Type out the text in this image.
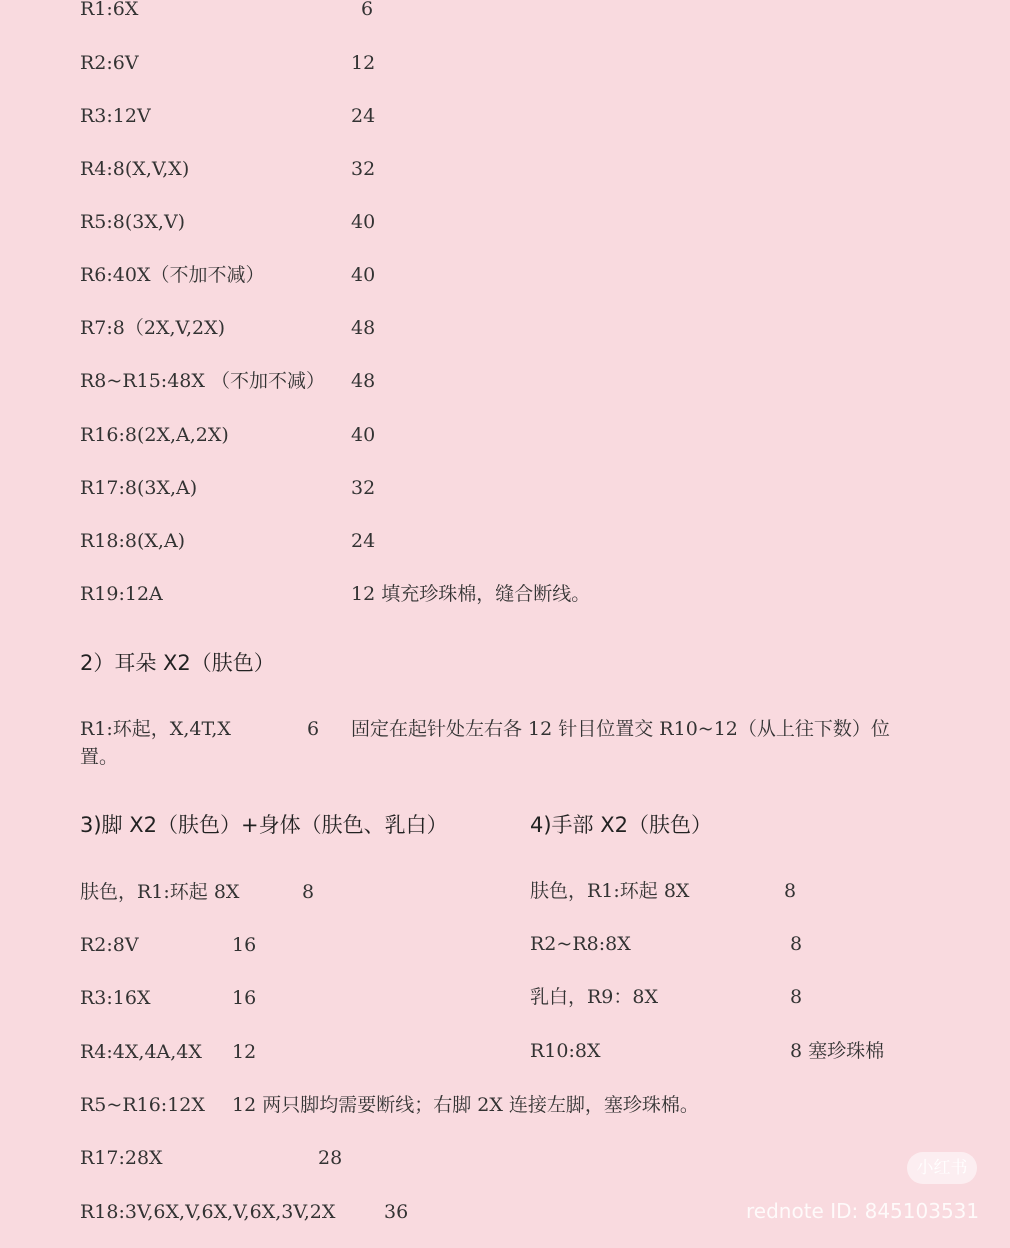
R1:6X	6
R2:6V	12
R3:12V	24
R4:8(X,V,X)	32
R5:8(3X,V)	40
R6:40X（不加不减）	40
R7:8（2X,V,2X)	48
R8~R15:48X （不加不减） 48
R16:8(2X,A,2X)	40
R17:8(3X,A)	32
R18:8(X,A)	24
R19:12A	12 填充珍珠棉，缝合断线。
2）耳朵 X2（肤色）
R1:环起，X,4T,X	6 固定在起针处左右各 12 针目位置交 R10~12（从上往下数）位
置。
3)脚 X2（肤色）+身体（肤色、乳白）
肤色，R1:环起 8X	8
R2:8V	16
R3:16X	16
R4:4X,4A,4X 12
R5~R16:12X 12 两只脚均需要断线；右脚 2X 连接左脚，塞珍珠棉。
R17:28X	28
R18:3V,6X,V,6X,V,6X,3V,2X	36
4)手部 X2（肤色）
肤色，R1:环起 8X	8
R2~R8:8X	8
乳白，R9：8X	8
R10:8X	8 塞珍珠棉
小红书
rednote ID: 845103531
